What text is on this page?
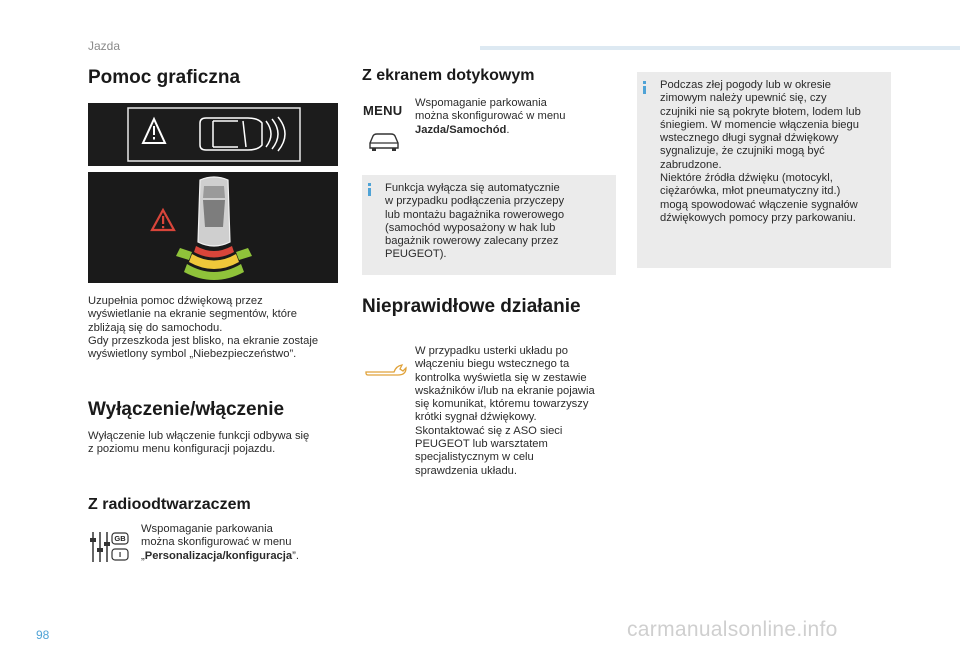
Jazda
Pomoc graficzna
Uzupełnia pomoc dźwiękową przez
wyświetlanie na ekranie segmentów, które
zbliżają się do samochodu.
Gdy przeszkoda jest blisko, na ekranie zostaje
wyświetlony symbol „Niebezpieczeństwo”.
Wyłączenie/włączenie
Wyłączenie lub włączenie funkcji odbywa się
z poziomu menu konfiguracji pojazdu.
Z radioodtwarzaczem
GB
I
Wspomaganie parkowania
można skonfigurować w menu
„Personalizacja/konfiguracja”.
Z ekranem dotykowym
MENU Wspomaganie parkowania
można skonfigurować w menu
Jazda/Samochód.
Funkcja wyłącza się automatycznie
w przypadku podłączenia przyczepy
lub montażu bagażnika rowerowego
(samochód wyposażony w hak lub
bagażnik rowerowy zalecany przez
PEUGEOT).
Nieprawidłowe działanie
W przypadku usterki układu po
włączeniu biegu wstecznego ta
kontrolka wyświetla się w zestawie
wskaźników i/lub na ekranie pojawia
się komunikat, któremu towarzyszy
krótki sygnał dźwiękowy.
Skontaktować się z ASO sieci
PEUGEOT lub warsztatem
specjalistycznym w celu
sprawdzenia układu.
Podczas złej pogody lub w okresie
zimowym należy upewnić się, czy
czujniki nie są pokryte błotem, lodem lub
śniegiem. W momencie włączenia biegu
wstecznego długi sygnał dźwiękowy
sygnalizuje, że czujniki mogą być
zabrudzone.
Niektóre źródła dźwięku (motocykl,
ciężarówka, młot pneumatyczny itd.)
mogą spowodować włączenie sygnałów
dźwiękowych pomocy przy parkowaniu.
98	carmanualsonline.info
